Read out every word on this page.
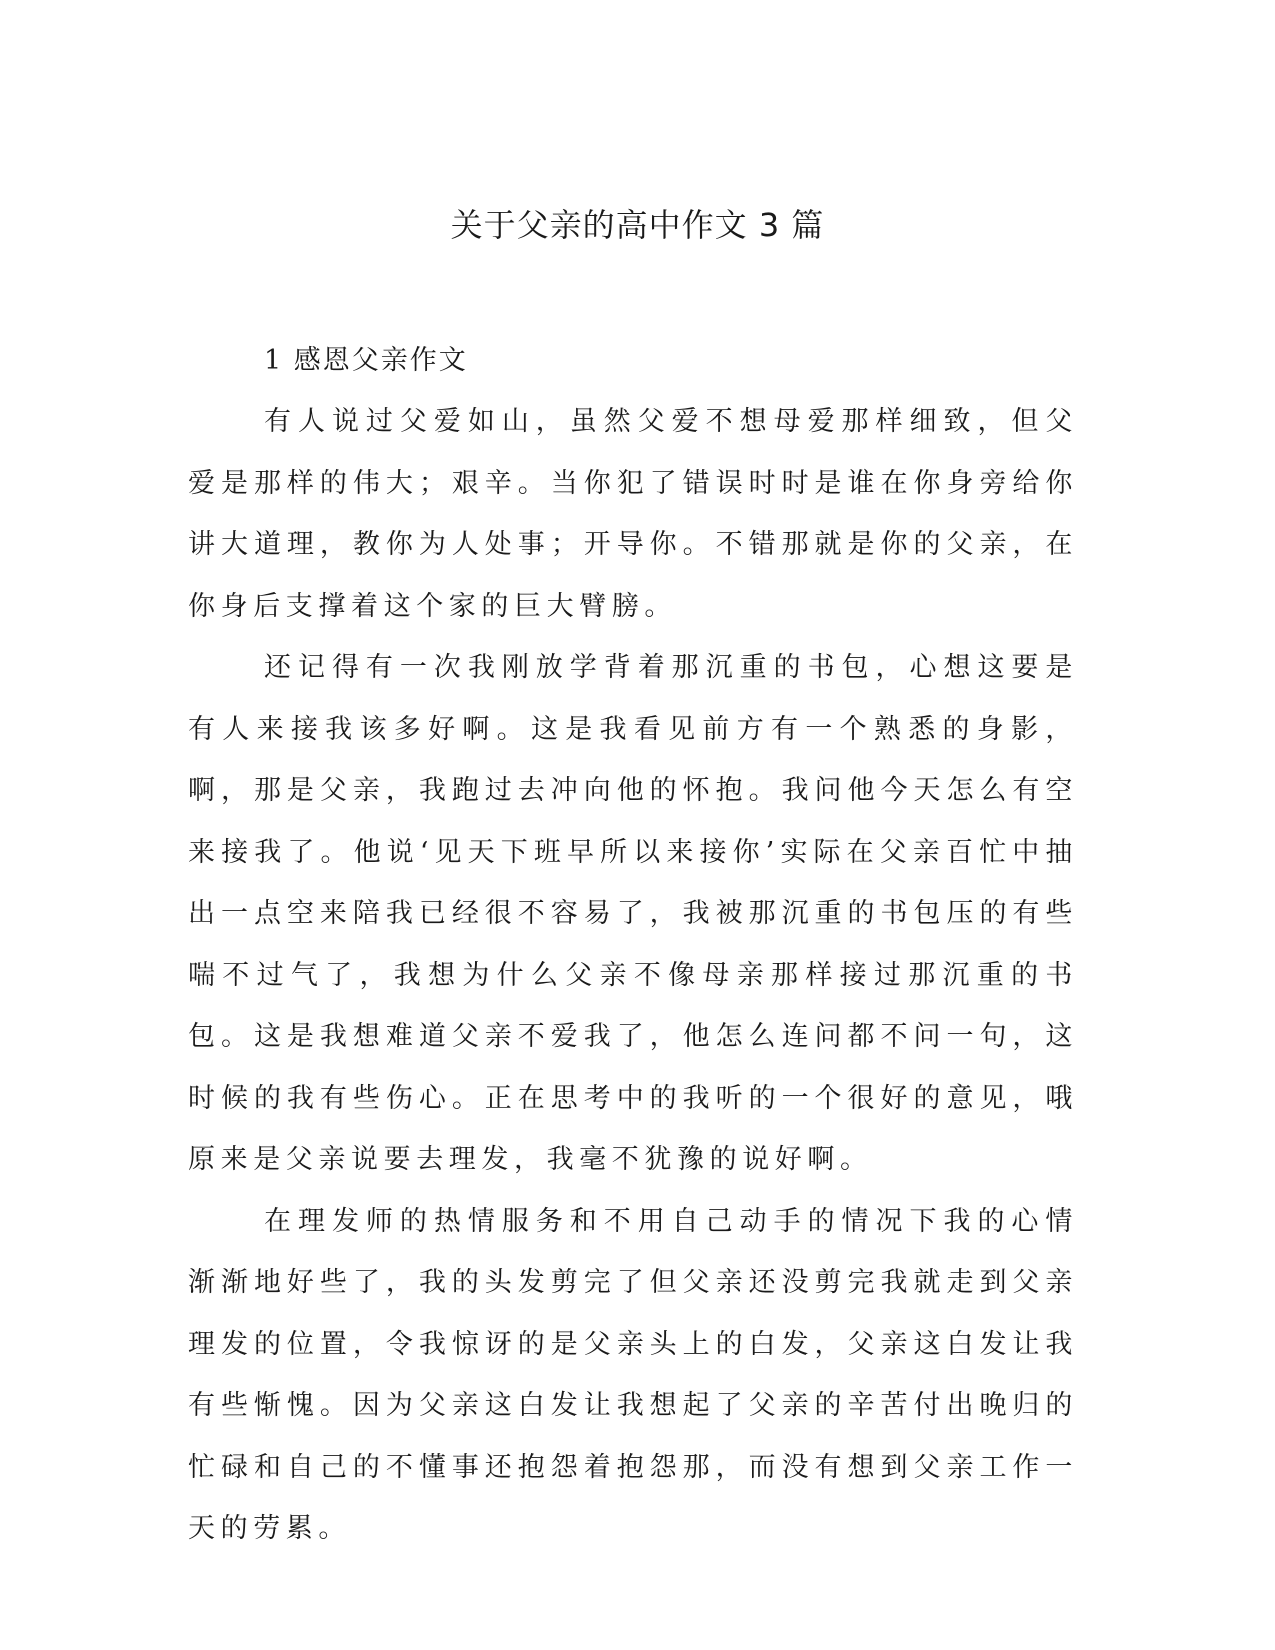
关于父亲的高中作文 3 篇
1 感恩父亲作文

有人说过父爱如山，虽然父爱不想母爱那样细致，但父爱是那样的伟大；艰辛。当你犯了错误时时是谁在你身旁给你讲大道理，教你为人处事；开导你。不错那就是你的父亲，在你身后支撑着这个家的巨大臂膀。

还记得有一次我刚放学背着那沉重的书包，心想这要是有人来接我该多好啊。这是我看见前方有一个熟悉的身影，啊，那是父亲，我跑过去冲向他的怀抱。我问他今天怎么有空来接我了。他说‘见天下班早所以来接你’实际在父亲百忙中抽出一点空来陪我已经很不容易了，我被那沉重的书包压的有些喘不过气了，我想为什么父亲不像母亲那样接过那沉重的书包。这是我想难道父亲不爱我了，他怎么连问都不问一句，这时候的我有些伤心。正在思考中的我听的一个很好的意见，哦原来是父亲说要去理发，我毫不犹豫的说好啊。

在理发师的热情服务和不用自己动手的情况下我的心情渐渐地好些了，我的头发剪完了但父亲还没剪完我就走到父亲理发的位置，令我惊讶的是父亲头上的白发，父亲这白发让我有些惭愧。因为父亲这白发让我想起了父亲的辛苦付出晚归的忙碌和自己的不懂事还抱怨着抱怨那，而没有想到父亲工作一天的劳累。
